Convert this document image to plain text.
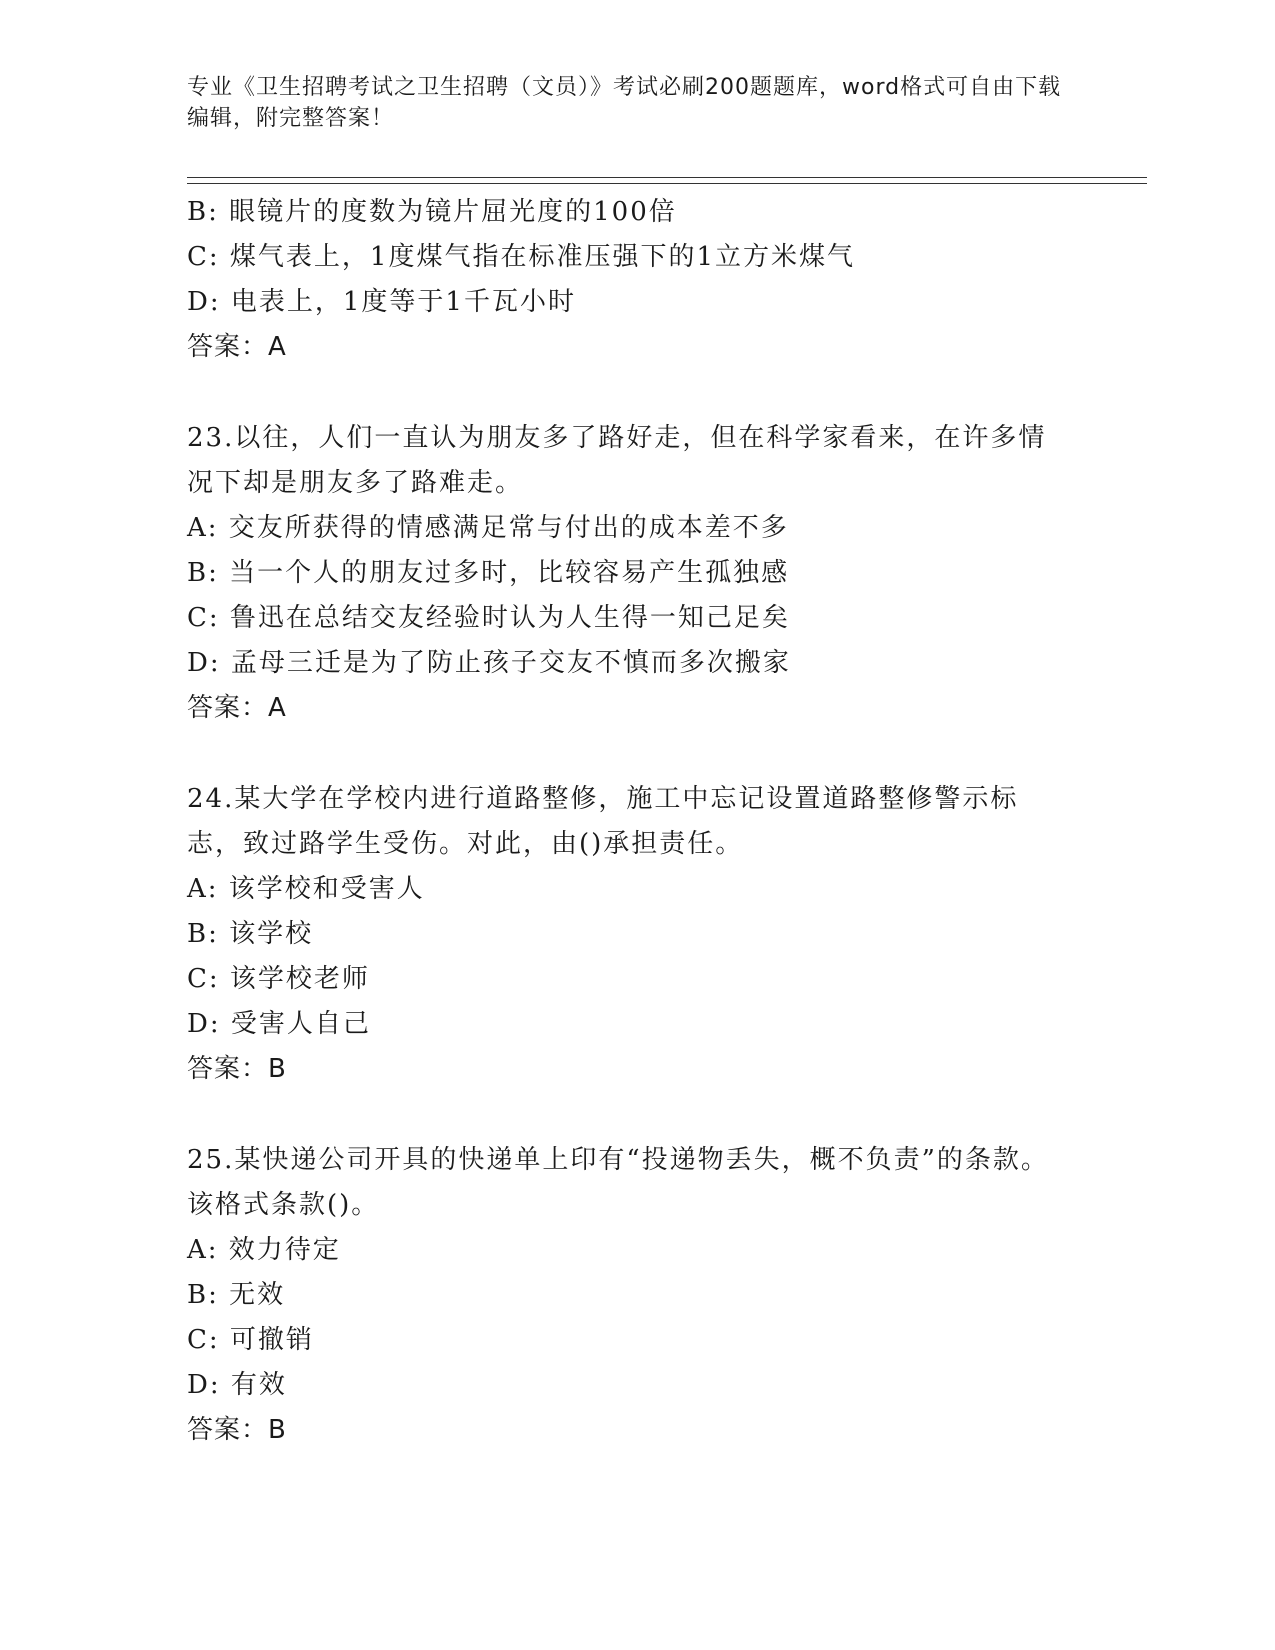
专业《卫生招聘考试之卫生招聘（文员）》考试必刷200题题库，word格式可自由下载编辑，附完整答案！

B: 眼镜片的度数为镜片屈光度的100倍

C: 煤气表上，1度煤气指在标准压强下的1立方米煤气

D: 电表上，1度等于1千瓦小时

答案：A

23.以往，人们一直认为朋友多了路好走，但在科学家看来，在许多情况下却是朋友多了路难走。

A: 交友所获得的情感满足常与付出的成本差不多

B: 当一个人的朋友过多时，比较容易产生孤独感

C: 鲁迅在总结交友经验时认为人生得一知己足矣

D: 孟母三迁是为了防止孩子交友不慎而多次搬家

答案：A

24.某大学在学校内进行道路整修，施工中忘记设置道路整修警示标志，致过路学生受伤。对此，由()承担责任。

A: 该学校和受害人

B: 该学校

C: 该学校老师

D: 受害人自己

答案：B

25.某快递公司开具的快递单上印有“投递物丢失，概不负责”的条款。该格式条款()。

A: 效力待定

B: 无效

C: 可撤销

D: 有效

答案：B
